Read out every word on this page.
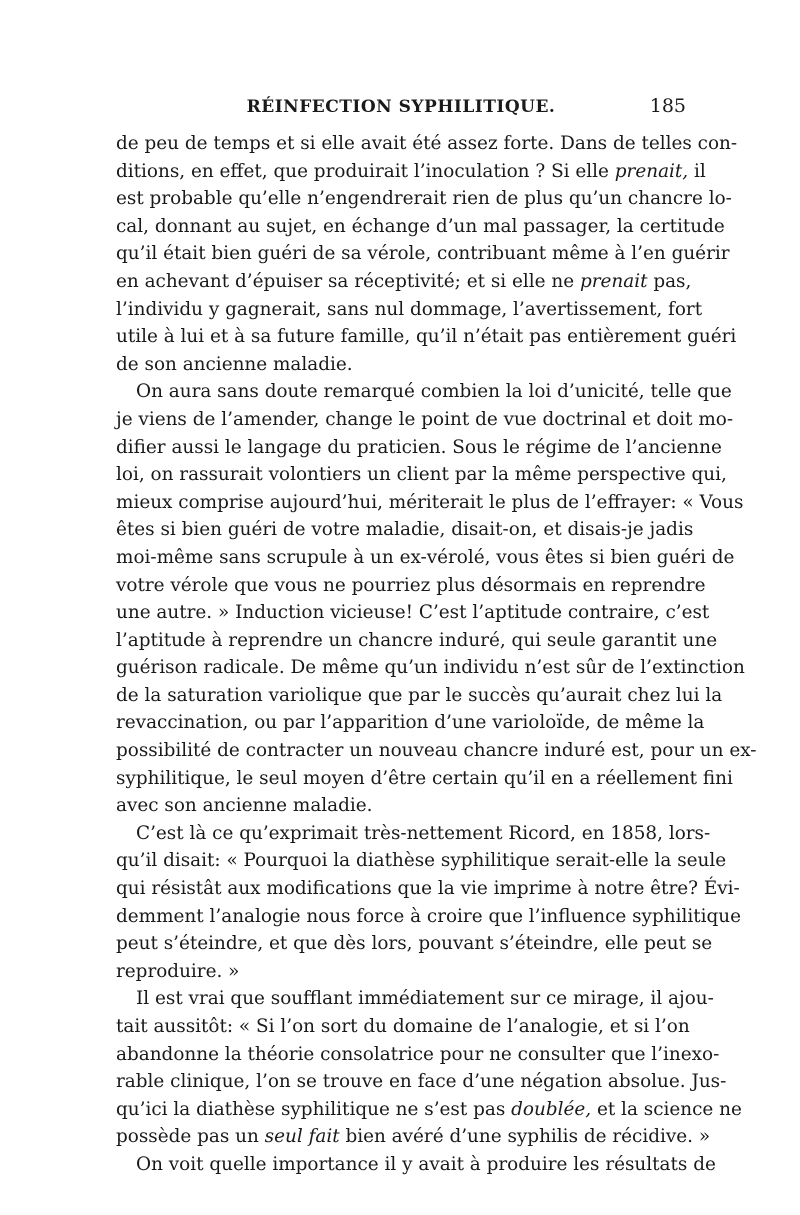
RÉINFECTION SYPHILITIQUE.	185
de peu de temps et si elle avait été assez forte. Dans de telles con-
ditions, en effet, que produirait l’inoculation ? Si elle prenait, il
est probable qu’elle n’engendrerait rien de plus qu’un chancre lo-
cal, donnant au sujet, en échange d’un mal passager, la certitude
qu’il était bien guéri de sa vérole, contribuant même à l’en guérir
en achevant d’épuiser sa réceptivité; et si elle ne prenait pas,
l’individu y gagnerait, sans nul dommage, l’avertissement, fort
utile à lui et à sa future famille, qu’il n’était pas entièrement guéri
de son ancienne maladie.
On aura sans doute remarqué combien la loi d’unicité, telle que
je viens de l’amender, change le point de vue doctrinal et doit mo-
difier aussi le langage du praticien. Sous le régime de l’ancienne
loi, on rassurait volontiers un client par la même perspective qui,
mieux comprise aujourd’hui, mériterait le plus de l’effrayer: « Vous
êtes si bien guéri de votre maladie, disait-on, et disais-je jadis
moi-même sans scrupule à un ex-vérolé, vous êtes si bien guéri de
votre vérole que vous ne pourriez plus désormais en reprendre
une autre. » Induction vicieuse! C’est l’aptitude contraire, c’est
l’aptitude à reprendre un chancre induré, qui seule garantit une
guérison radicale. De même qu’un individu n’est sûr de l’extinction
de la saturation variolique que par le succès qu’aurait chez lui la
revaccination, ou par l’apparition d’une varioloïde, de même la
possibilité de contracter un nouveau chancre induré est, pour un ex-
syphilitique, le seul moyen d’être certain qu’il en a réellement fini
avec son ancienne maladie.
C’est là ce qu’exprimait très-nettement Ricord, en 1858, lors-
qu’il disait: « Pourquoi la diathèse syphilitique serait-elle la seule
qui résistât aux modifications que la vie imprime à notre être? Évi-
demment l’analogie nous force à croire que l’influence syphilitique
peut s’éteindre, et que dès lors, pouvant s’éteindre, elle peut se
reproduire. »
Il est vrai que soufflant immédiatement sur ce mirage, il ajou-
tait aussitôt: « Si l’on sort du domaine de l’analogie, et si l’on
abandonne la théorie consolatrice pour ne consulter que l’inexo-
rable clinique, l’on se trouve en face d’une négation absolue. Jus-
qu’ici la diathèse syphilitique ne s’est pas doublée, et la science ne
possède pas un seul fait bien avéré d’une syphilis de récidive. »
On voit quelle importance il y avait à produire les résultats de
